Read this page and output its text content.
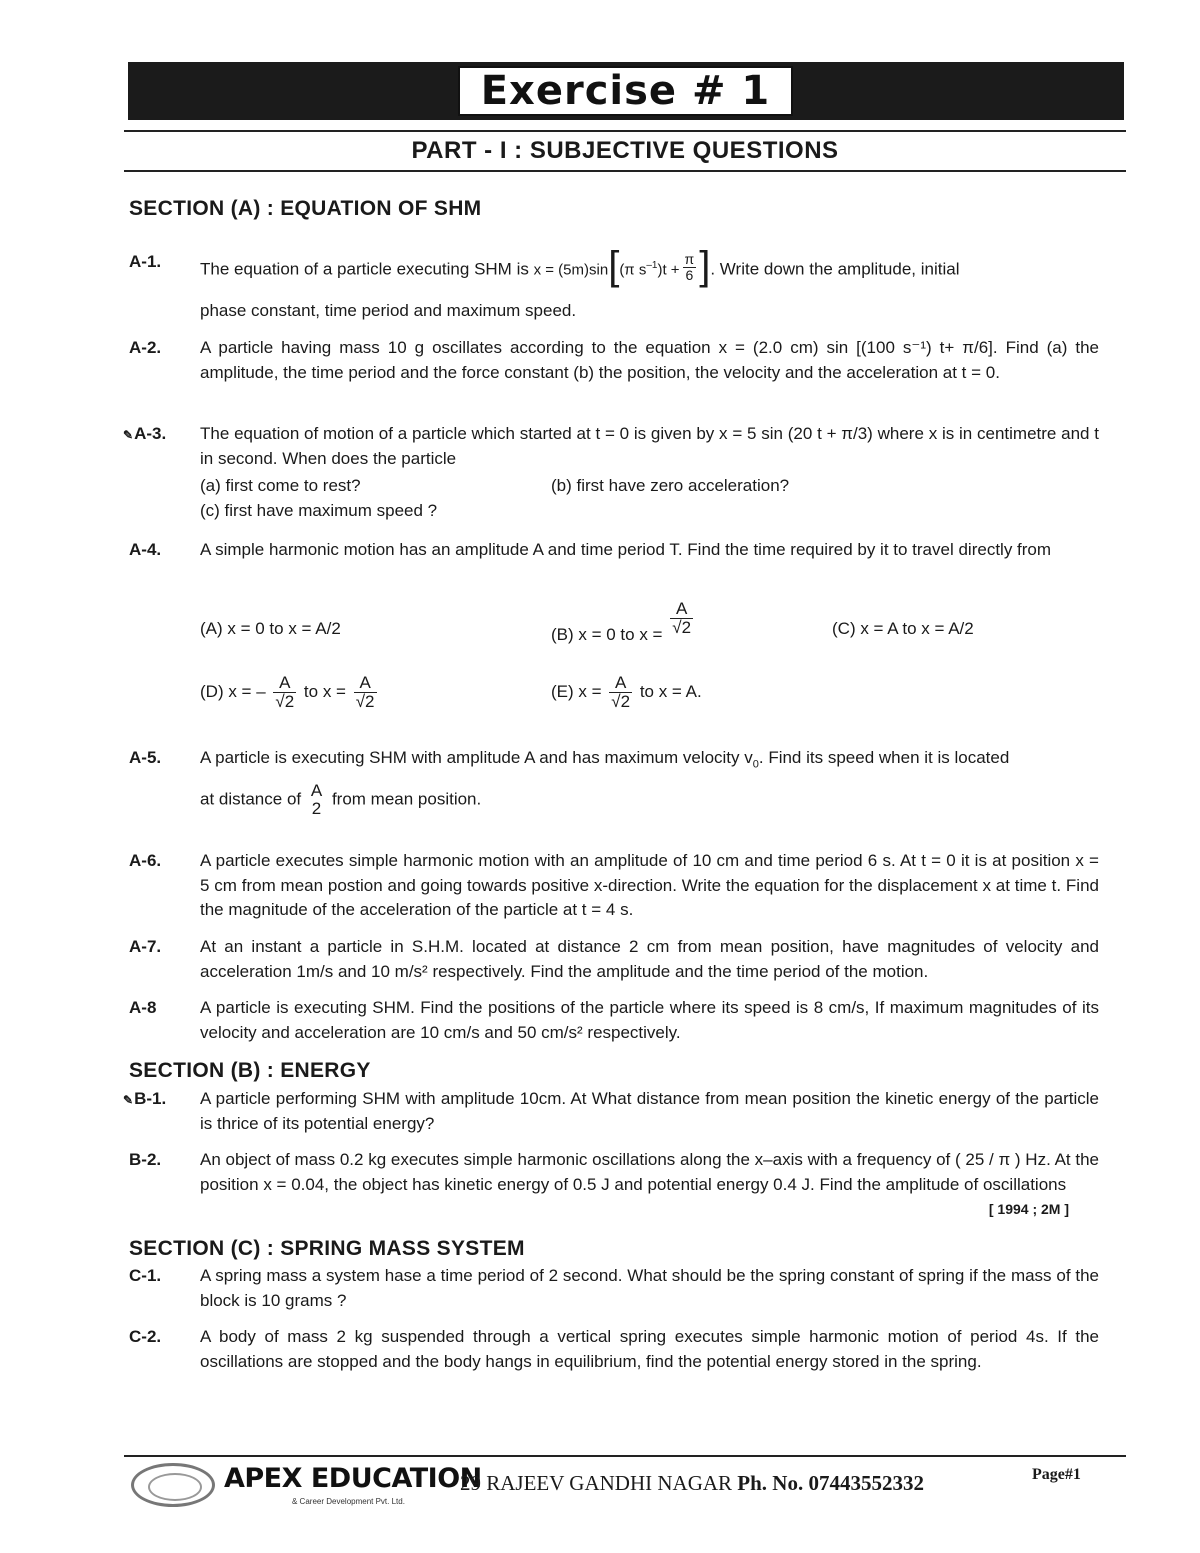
Exercise # 1
PART - I : SUBJECTIVE QUESTIONS
SECTION (A) : EQUATION OF SHM
A-1. The equation of a particle executing SHM is x = (5m)sin[(π $s^{-1})t + \frac{\pi}{6}$ ]. Write down the amplitude, initial
phase constant, time period and maximum speed.
A-2. A particle having mass 10 g oscillates according to the equation x = (2.0 cm) sin [(100 s⁻¹) t+ π/6]. Find (a) the amplitude, the time period and the force constant (b) the position, the velocity and the acceleration at t = 0.
✎A-3. The equation of motion of a particle which started at t = 0 is given by x = 5 sin (20 t + π/3) where x is in centimetre and t in second. When does the particle
(a) first come to rest?	(b) first have zero acceleration?
(c) first have maximum speed ?
A-4. A simple harmonic motion has an amplitude A and time period T. Find the time required by it to travel directly from
(A) x = 0 to x = A/2	(B) x = 0 to $x = \frac{A}{√2}$	(C) x = A to x = A/2
(D) x = – $\frac{A}{√2}$ to $x = \frac{A}{√2}$	(E) $x = \frac{A}{√2}$ to x = A.
A-5. A particle is executing SHM with amplitude A and has maximum velocity $v_0$. Find its speed when it is located
at distance of A
2
from mean position.
A-6. A particle executes simple harmonic motion with an amplitude of 10 cm and time period 6 s. At t = 0 it is at position x = 5 cm from mean postion and going towards positive x-direction. Write the equation for the displacement x at time t. Find the magnitude of the acceleration of the particle at t = 4 s.
A-7. At an instant a particle in S.H.M. located at distance 2 cm from mean position, have magnitudes of velocity and acceleration 1m/s and 10 m/s² respectively. Find the amplitude and the time period of the motion.
A-8	A particle is executing SHM. Find the positions of the particle where its speed is 8 cm/s, If maximum magnitudes of its velocity and acceleration are 10 cm/s and 50 cm/s² respectively.
SECTION (B) : ENERGY
✎B-1. A particle performing SHM with amplitude 10cm. At What distance from mean position the kinetic energy of the particle is thrice of its potential energy?
B-2. An object of mass 0.2 kg executes simple harmonic oscillations along the x–axis with a frequency of ( 25 / π ) Hz. At the position x = 0.04, the object has kinetic energy of 0.5 J and potential energy 0.4 J. Find the amplitude of oscillations
[ 1994 ; 2M ]
SECTION (C) : SPRING MASS SYSTEM
C-1. A spring mass a system hase a time period of 2 second. What should be the spring constant of spring if the mass of the block is 10 grams ?
C-2. A body of mass 2 kg suspended through a vertical spring executes simple harmonic motion of period 4s. If the oscillations are stopped and the body hangs in equilibrium, find the potential energy stored in the spring.
APEX EDUCATION
& Career Development Pvt. Ltd.
29 RAJEEV GANDHI NAGAR Ph. No. 07443552332	Page#1
